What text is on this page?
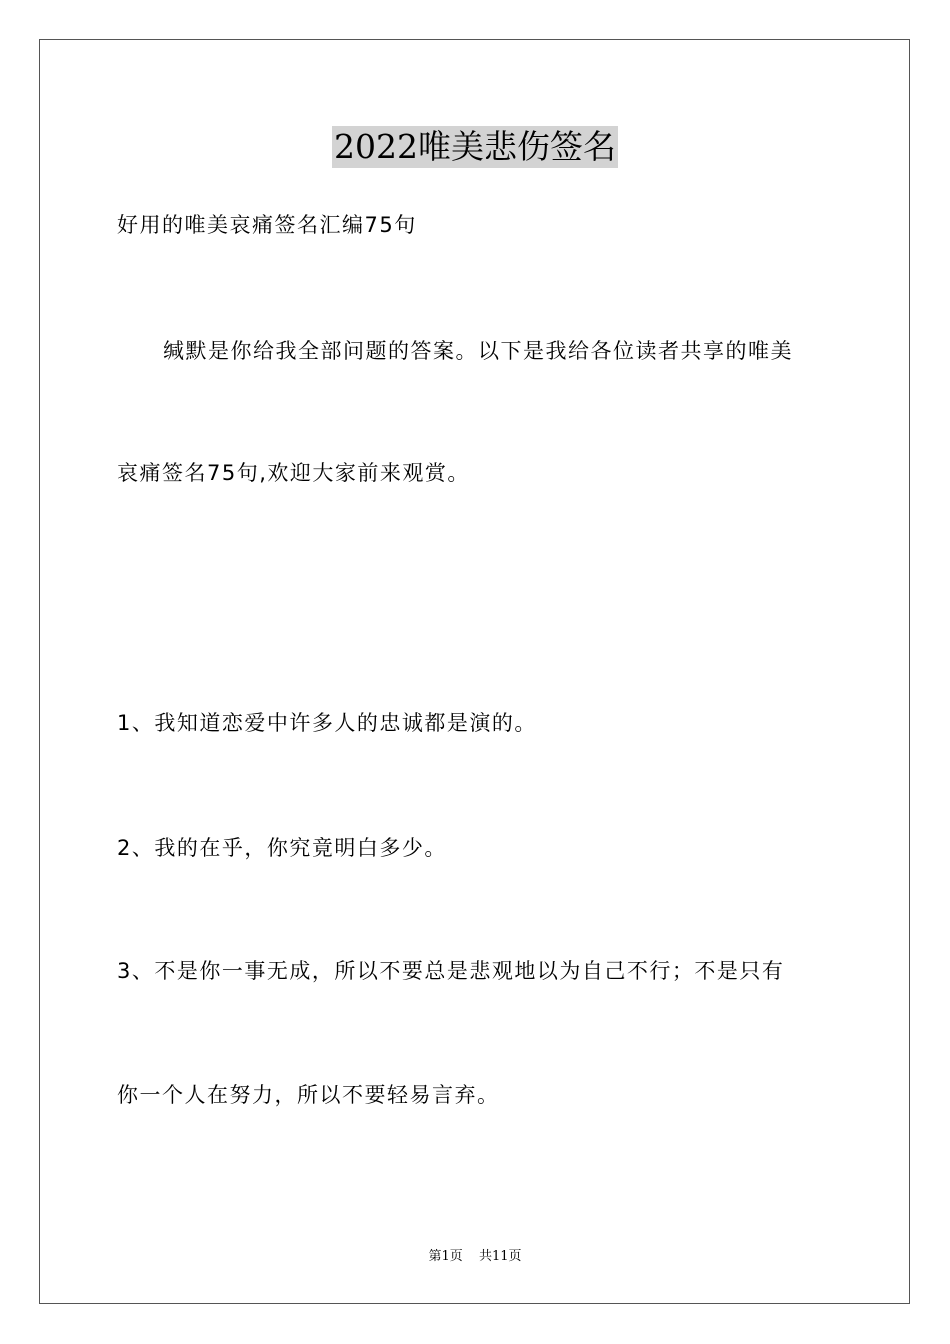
2022唯美悲伤签名
好用的唯美哀痛签名汇编75句
缄默是你给我全部问题的答案。以下是我给各位读者共享的唯美
哀痛签名75句,欢迎大家前来观赏。
1、我知道恋爱中许多人的忠诚都是演的。
2、我的在乎，你究竟明白多少。
3、不是你一事无成，所以不要总是悲观地以为自己不行；不是只有
你一个人在努力，所以不要轻易言弃。
第1页 共11页
